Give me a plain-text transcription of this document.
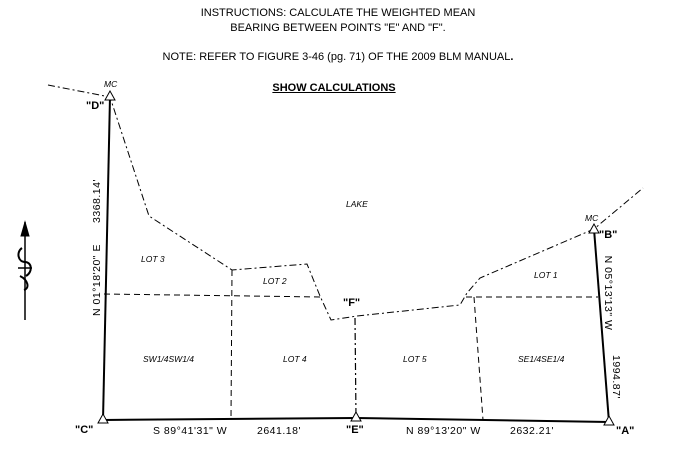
INSTRUCTIONS: CALCULATE THE WEIGHTED MEAN
BEARING BETWEEN POINTS "E" AND "F".
NOTE: REFER TO FIGURE 3-46 (pg. 71) OF THE 2009 BLM MANUAL.
SHOW CALCULATIONS
MC
MC
"D"
"C"	"E"	"A"
"B"
"F"
LAKE
LOT 1
LOT 2
LOT 3
LOT 4	LOT 5
SW1/4SW1/4	SE1/4SE1/4
S 89°41'31" W	2641.18'	N 89°13'20" W	2632.21'
N 01°18'20" E
3368.14'
N 05°13'13" W
1994.87'
